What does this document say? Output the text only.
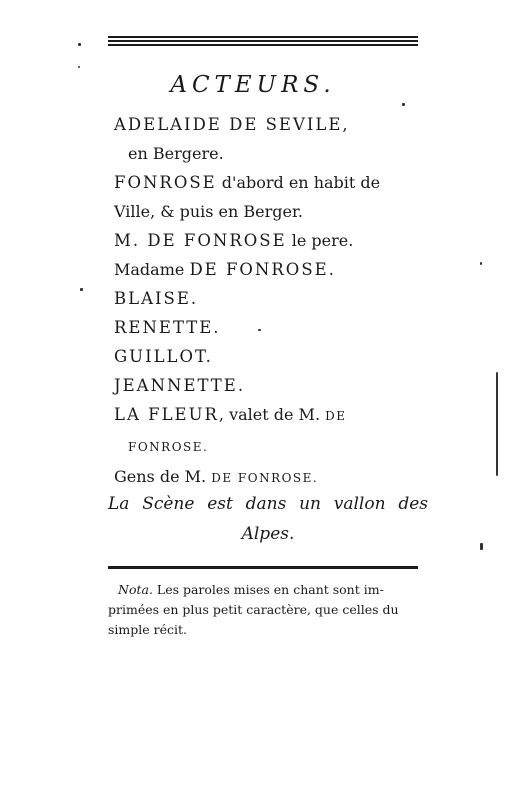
ACTEURS.
ADELAIDE DE SEVILE,
en Bergere.
FONROSE d'abord en habit de
Ville, & puis en Berger.
M. DE FONROSE le pere.
Madame DE FONROSE.
BLAISE.
RENETTE.
GUILLOT.
JEANNETTE.
LA FLEUR, valet de M. DE
FONROSE.
Gens de M. DE FONROSE.
La Scène est dans un vallon des
Alpes.
Nota. Les paroles mises en chant sont im-
primées en plus petit caractère, que celles du
simple récit.
